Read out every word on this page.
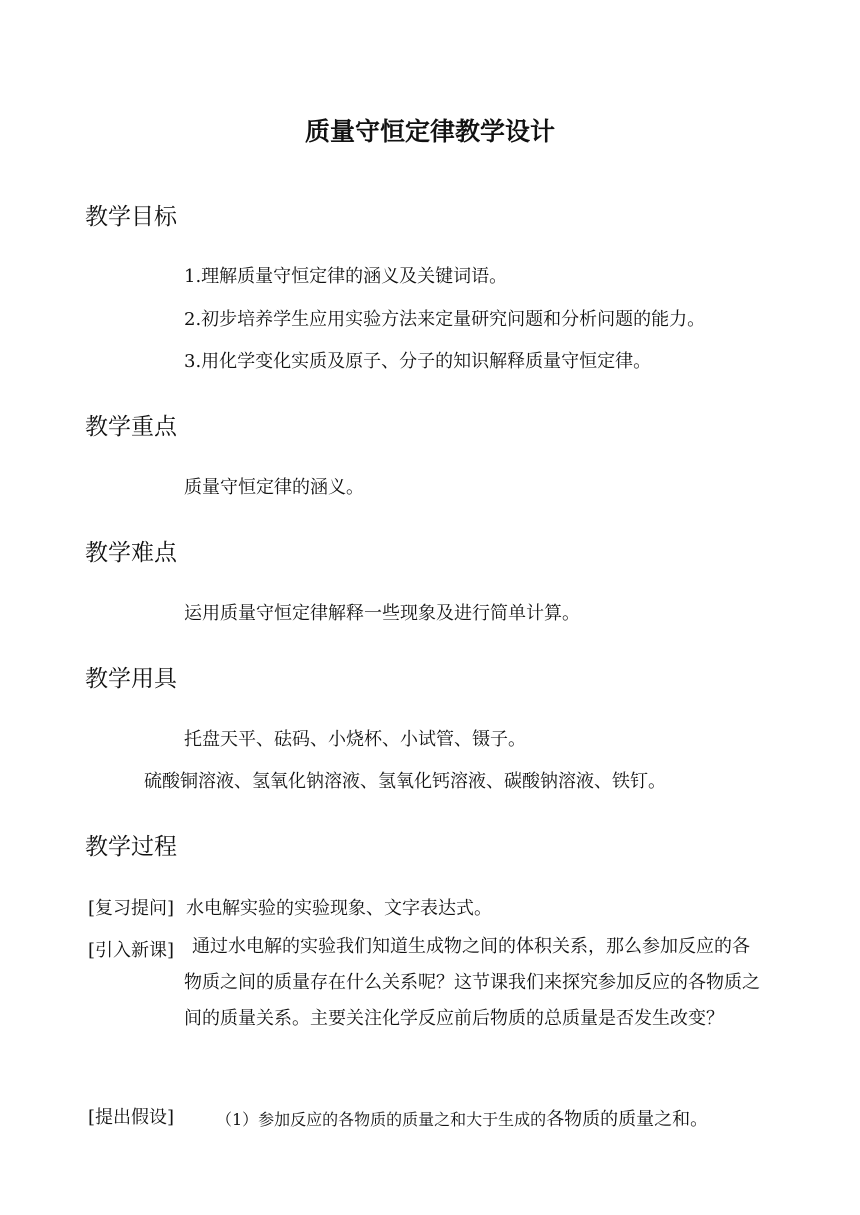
质量守恒定律教学设计
教学目标
1.理解质量守恒定律的涵义及关键词语。
2.初步培养学生应用实验方法来定量研究问题和分析问题的能力。
3.用化学变化实质及原子、分子的知识解释质量守恒定律。
教学重点
质量守恒定律的涵义。
教学难点
运用质量守恒定律解释一些现象及进行简单计算。
教学用具
托盘天平、砝码、小烧杯、小试管、镊子。
硫酸铜溶液、氢氧化钠溶液、氢氧化钙溶液、碳酸钠溶液、铁钉。
教学过程
[复习提问] 水电解实验的实验现象、文字表达式。
[引入新课] 通过水电解的实验我们知道生成物之间的体积关系，那么参加反应的各物质之间的质量存在什么关系呢？这节课我们来探究参加反应的各物质之间的质量关系。主要关注化学反应前后物质的总质量是否发生改变？
[提出假设]	（1）参加反应的各物质的质量之和大于生成的各物质的质量之和。
